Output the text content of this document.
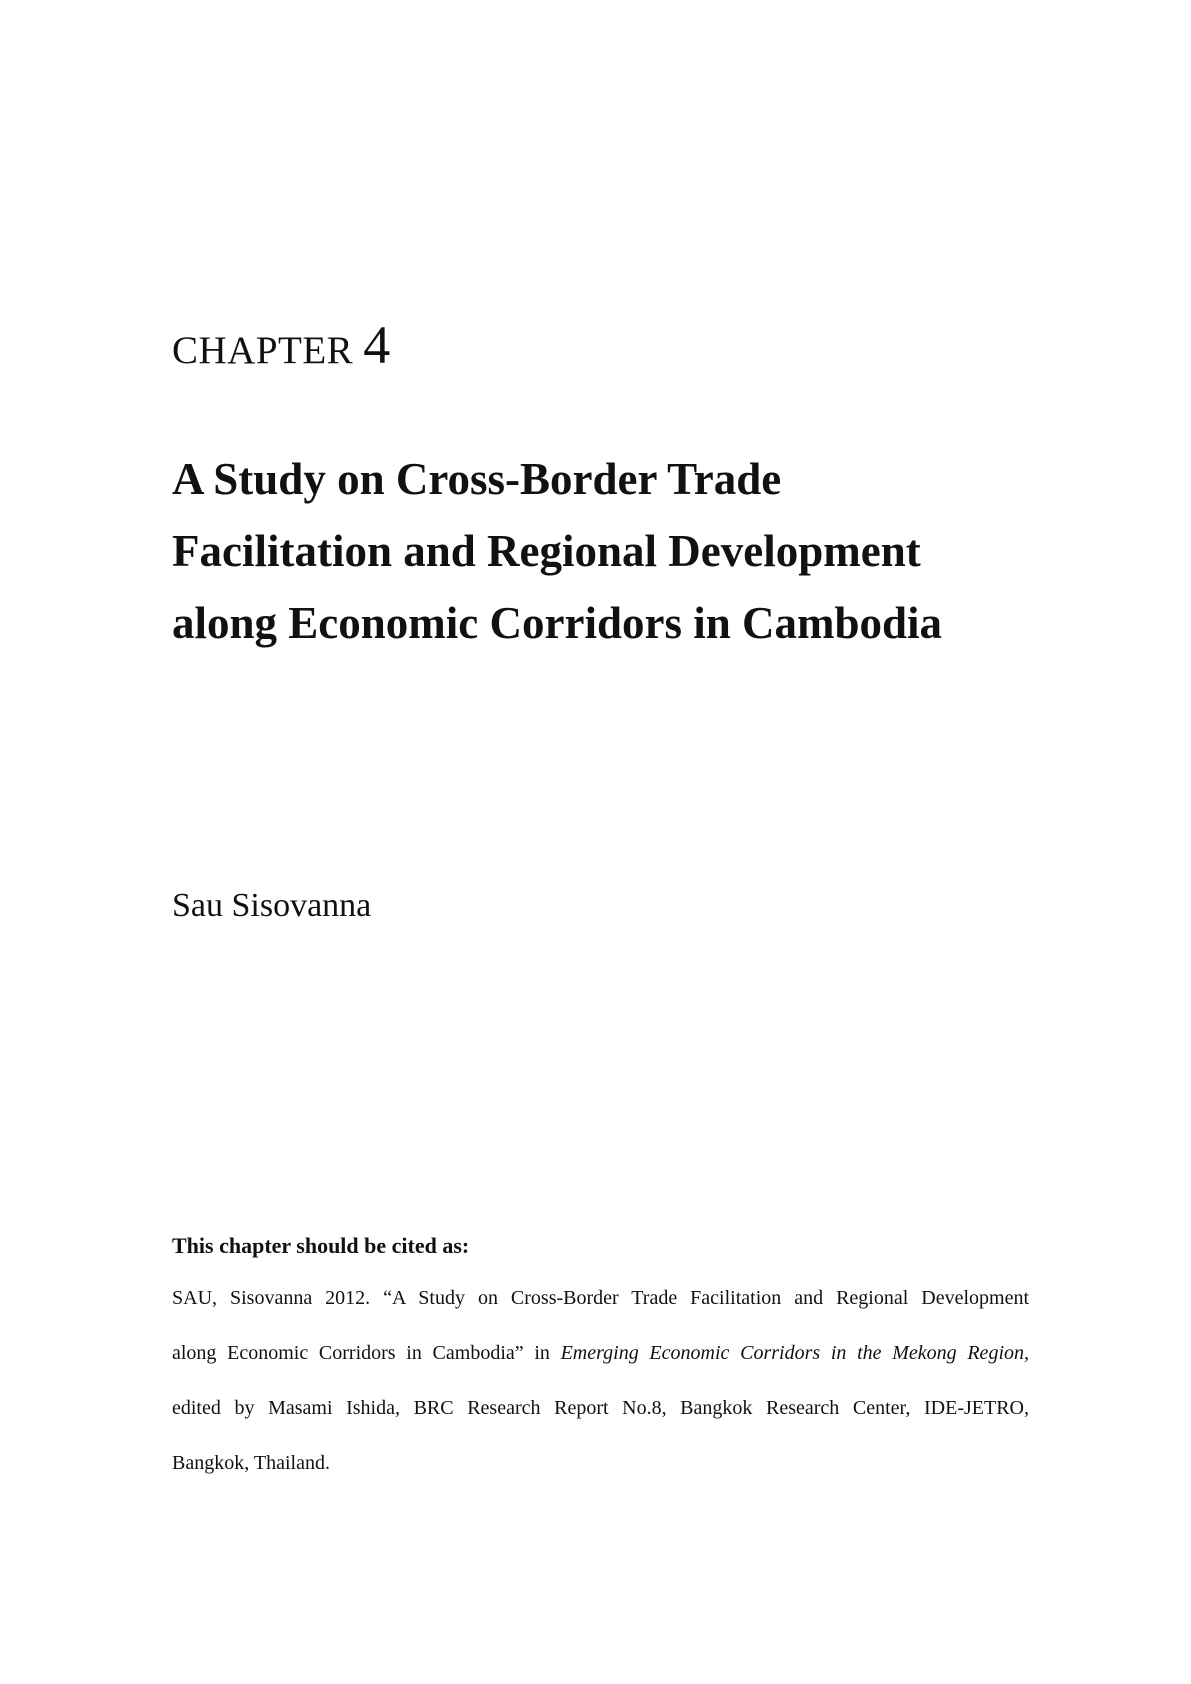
CHAPTER 4
A Study on Cross-Border Trade
Facilitation and Regional Development
along Economic Corridors in Cambodia
Sau Sisovanna
This chapter should be cited as:
SAU, Sisovanna 2012. “A Study on Cross-Border Trade Facilitation and Regional Development
along Economic Corridors in Cambodia” in Emerging Economic Corridors in the Mekong Region,
edited by Masami Ishida, BRC Research Report No.8, Bangkok Research Center, IDE-JETRO,
Bangkok, Thailand.
